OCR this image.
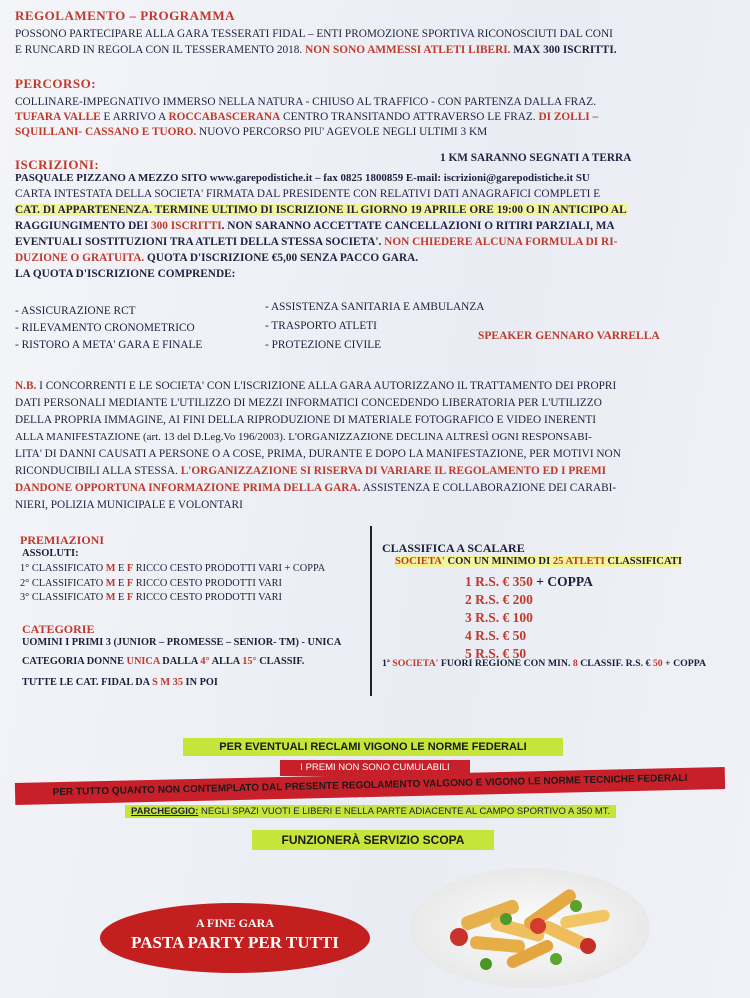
REGOLAMENTO – PROGRAMMA
POSSONO PARTECIPARE ALLA GARA TESSERATI FIDAL – ENTI PROMOZIONE SPORTIVA RICONOSCIUTI DAL CONI
E RUNCARD IN REGOLA CON IL TESSERAMENTO 2018. NON SONO AMMESSI ATLETI LIBERI. MAX 300 ISCRITTI.
PERCORSO:
COLLINARE-IMPEGNATIVO IMMERSO NELLA NATURA - CHIUSO AL TRAFFICO - CON PARTENZA DALLA FRAZ.
TUFARA VALLE E ARRIVO A ROCCABASCERANA CENTRO TRANSITANDO ATTRAVERSO LE FRAZ. DI ZOLLI –
SQUILLANI- CASSANO E TUORO. NUOVO PERCORSO PIU' AGEVOLE NEGLI ULTIMI 3 KM
ISCRIZIONI:	1 KM SARANNO SEGNATI A TERRA
PASQUALE PIZZANO A MEZZO SITO www.garepodistiche.it – fax 0825 1800859 E-mail: iscrizioni@garepodistiche.it SU
CARTA INTESTATA DELLA SOCIETA' FIRMATA DAL PRESIDENTE CON RELATIVI DATI ANAGRAFICI COMPLETI E
CAT. DI APPARTENENZA. TERMINE ULTIMO DI ISCRIZIONE IL GIORNO 19 APRILE ORE 19:00 O IN ANTICIPO AL
RAGGIUNGIMENTO DEI 300 ISCRITTI. NON SARANNO ACCETTATE CANCELLAZIONI O RITIRI PARZIALI, MA
EVENTUALI SOSTITUZIONI TRA ATLETI DELLA STESSA SOCIETA'. NON CHIEDERE ALCUNA FORMULA DI RI-
DUZIONE O GRATUITA. QUOTA D'ISCRIZIONE €5,00 SENZA PACCO GARA.
LA QUOTA D'ISCRIZIONE COMPRENDE:
- ASSICURAZIONE RCT
- RILEVAMENTO CRONOMETRICO
- RISTORO A META' GARA E FINALE
- ASSISTENZA SANITARIA E AMBULANZA
- TRASPORTO ATLETI
- PROTEZIONE CIVILE
SPEAKER GENNARO VARRELLA
N.B. I CONCORRENTI E LE SOCIETA' CON L'ISCRIZIONE ALLA GARA AUTORIZZANO IL TRATTAMENTO DEI PROPRI
DATI PERSONALI MEDIANTE L'UTILIZZO DI MEZZI INFORMATICI CONCEDENDO LIBERATORIA PER L'UTILIZZO
DELLA PROPRIA IMMAGINE, AI FINI DELLA RIPRODUZIONE DI MATERIALE FOTOGRAFICO E VIDEO INERENTI
ALLA MANIFESTAZIONE (art. 13 del D.Leg.Vo 196/2003). L'ORGANIZZAZIONE DECLINA ALTRESÌ OGNI RESPONSABI-
LITA' DI DANNI CAUSATI A PERSONE O A COSE, PRIMA, DURANTE E DOPO LA MANIFESTAZIONE, PER MOTIVI NON
RICONDUCIBILI ALLA STESSA. L'ORGANIZZAZIONE SI RISERVA DI VARIARE IL REGOLAMENTO ED I PREMI
DANDONE OPPORTUNA INFORMAZIONE PRIMA DELLA GARA. ASSISTENZA E COLLABORAZIONE DEI CARABI-
NIERI, POLIZIA MUNICIPALE E VOLONTARI
PREMIAZIONI
ASSOLUTI:
1° CLASSIFICATO M E F RICCO CESTO PRODOTTI VARI + COPPA
2° CLASSIFICATO M E F RICCO CESTO PRODOTTI VARI
3° CLASSIFICATO M E F RICCO CESTO PRODOTTI VARI
CATEGORIE
UOMINI I PRIMI 3 (JUNIOR – PROMESSE – SENIOR- TM) - UNICA
CATEGORIA DONNE UNICA DALLA 4° ALLA 15° CLASSIF.
TUTTE LE CAT. FIDAL DA S M 35 IN POI
CLASSIFICA A SCALARE
SOCIETA' CON UN MINIMO DI 25 ATLETI CLASSIFICATI
1 R.S. € 350 + COPPA
2 R.S. € 200
3 R.S. € 100
4 R.S. € 50
5 R.S. € 50
1ª SOCIETA' FUORI REGIONE CON MIN. 8 CLASSIF. R.S. € 50 + COPPA
PER EVENTUALI RECLAMI VIGONO LE NORME FEDERALI
I PREMI NON SONO CUMULABILI
PER TUTTO QUANTO NON CONTEMPLATO DAL PRESENTE REGOLAMENTO VALGONO E VIGONO LE NORME TECNICHE FEDERALI
PARCHEGGIO: NEGLI SPAZI VUOTI E LIBERI E NELLA PARTE ADIACENTE AL CAMPO SPORTIVO A 350 MT.
FUNZIONERÀ SERVIZIO SCOPA
A FINE GARA
PASTA PARTY PER TUTTI
